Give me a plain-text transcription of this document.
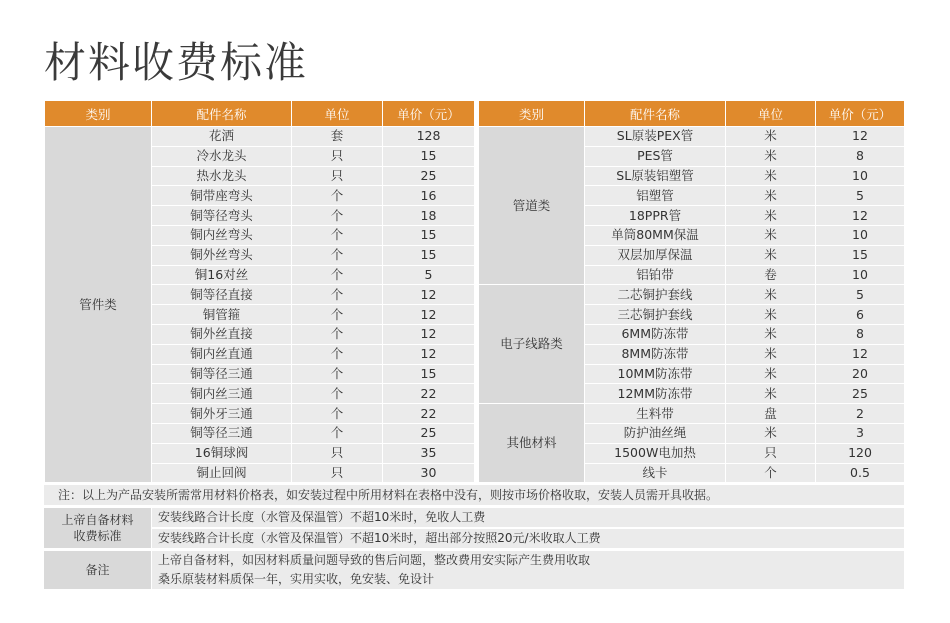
材料收费标准
类别	配件名称	单位	单价（元）
管件类	花洒	套	128
	冷水龙头	只	15
	热水龙头	只	25
	铜带座弯头	个	16
	铜等径弯头	个	18
	铜内丝弯头	个	15
	铜外丝弯头	个	15
	铜16对丝	个	5
	铜等径直接	个	12
	铜管箍	个	12
	铜外丝直接	个	12
	铜内丝直通	个	12
	铜等径三通	个	15
	铜内丝三通	个	22
	铜外牙三通	个	22
	铜等径三通	个	25
	16铜球阀	只	35
	铜止回阀	只	30
类别	配件名称	单位	单价（元）
管道类	SL原装PEX管	米	12
	PES管	米	8
	SL原装铝塑管	米	10
	铝塑管	米	5
	18PPR管	米	12
	单筒80MM保温	米	10
	双层加厚保温	米	15
	铝铂带	卷	10
电子线路类	二芯铜护套线	米	5
	三芯铜护套线	米	6
	6MM防冻带	米	8
	8MM防冻带	米	12
	10MM防冻带	米	20
	12MM防冻带	米	25
其他材料	生料带	盘	2
	防护油丝绳	米	3
	1500W电加热	只	120
	线卡	个	0.5
注：以上为产品安装所需常用材料价格表，如安装过程中所用材料在表格中没有，则按市场价格收取，安装人员需开具收据。
上帝自备材料
收费标准
安装线路合计长度（水管及保温管）不超10米时，免收人工费
安装线路合计长度（水管及保温管）不超10米时，超出部分按照20元/米收取人工费
备注
上帝自备材料，如因材料质量问题导致的售后问题，整改费用安实际产生费用收取
桑乐原装材料质保一年，实用实收，免安装、免设计
